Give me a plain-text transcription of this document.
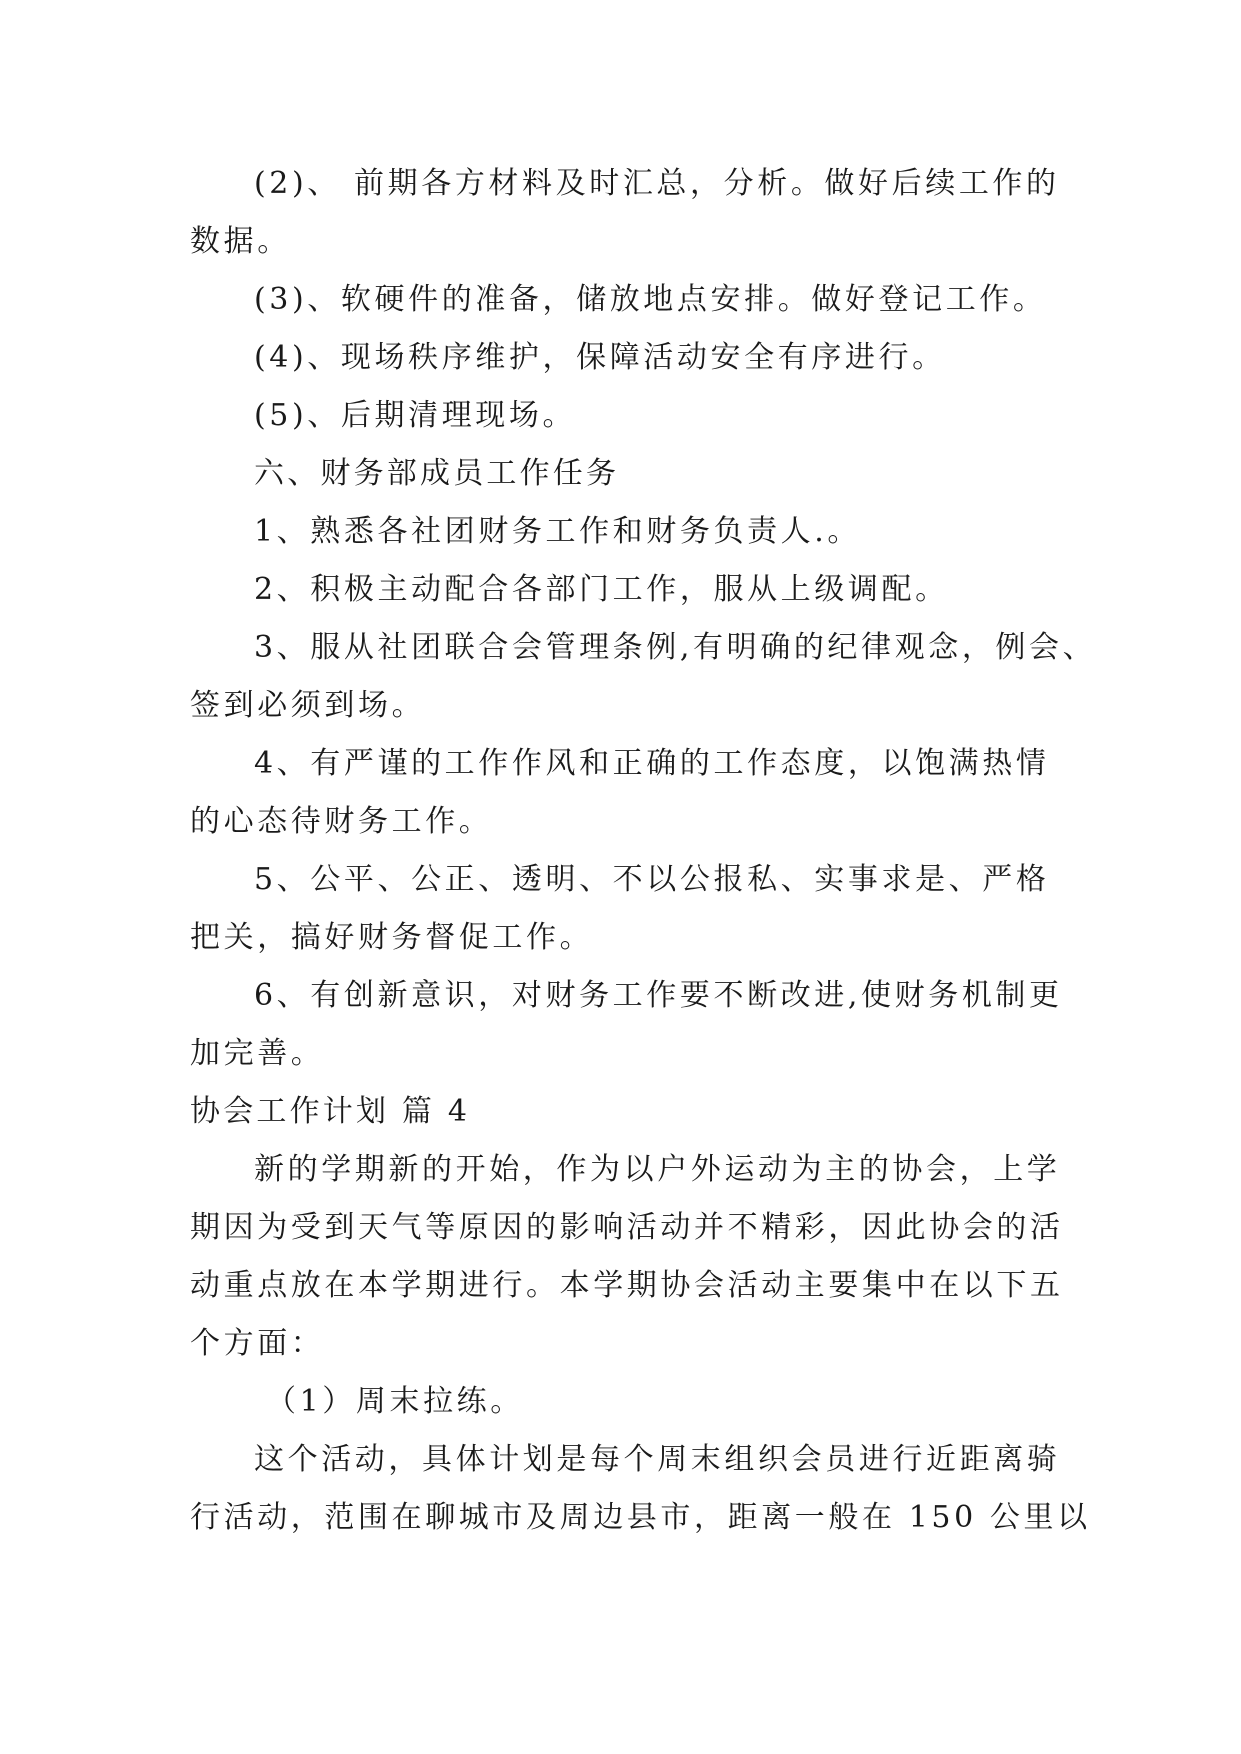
(2)、 前期各方材料及时汇总，分析。做好后续工作的

数据。

(3)、软硬件的准备，储放地点安排。做好登记工作。

(4)、现场秩序维护，保障活动安全有序进行。

(5)、后期清理现场。

六、财务部成员工作任务

1、熟悉各社团财务工作和财务负责人.。

2、积极主动配合各部门工作，服从上级调配。

3、服从社团联合会管理条例,有明确的纪律观念，例会、

签到必须到场。

4、有严谨的工作作风和正确的工作态度，以饱满热情

的心态待财务工作。

5、公平、公正、透明、不以公报私、实事求是、严格

把关，搞好财务督促工作。

6、有创新意识，对财务工作要不断改进,使财务机制更

加完善。

协会工作计划 篇 4

新的学期新的开始，作为以户外运动为主的协会，上学

期因为受到天气等原因的影响活动并不精彩，因此协会的活

动重点放在本学期进行。本学期协会活动主要集中在以下五

个方面：

（1）周末拉练。

这个活动，具体计划是每个周末组织会员进行近距离骑

行活动，范围在聊城市及周边县市，距离一般在 150 公里以
